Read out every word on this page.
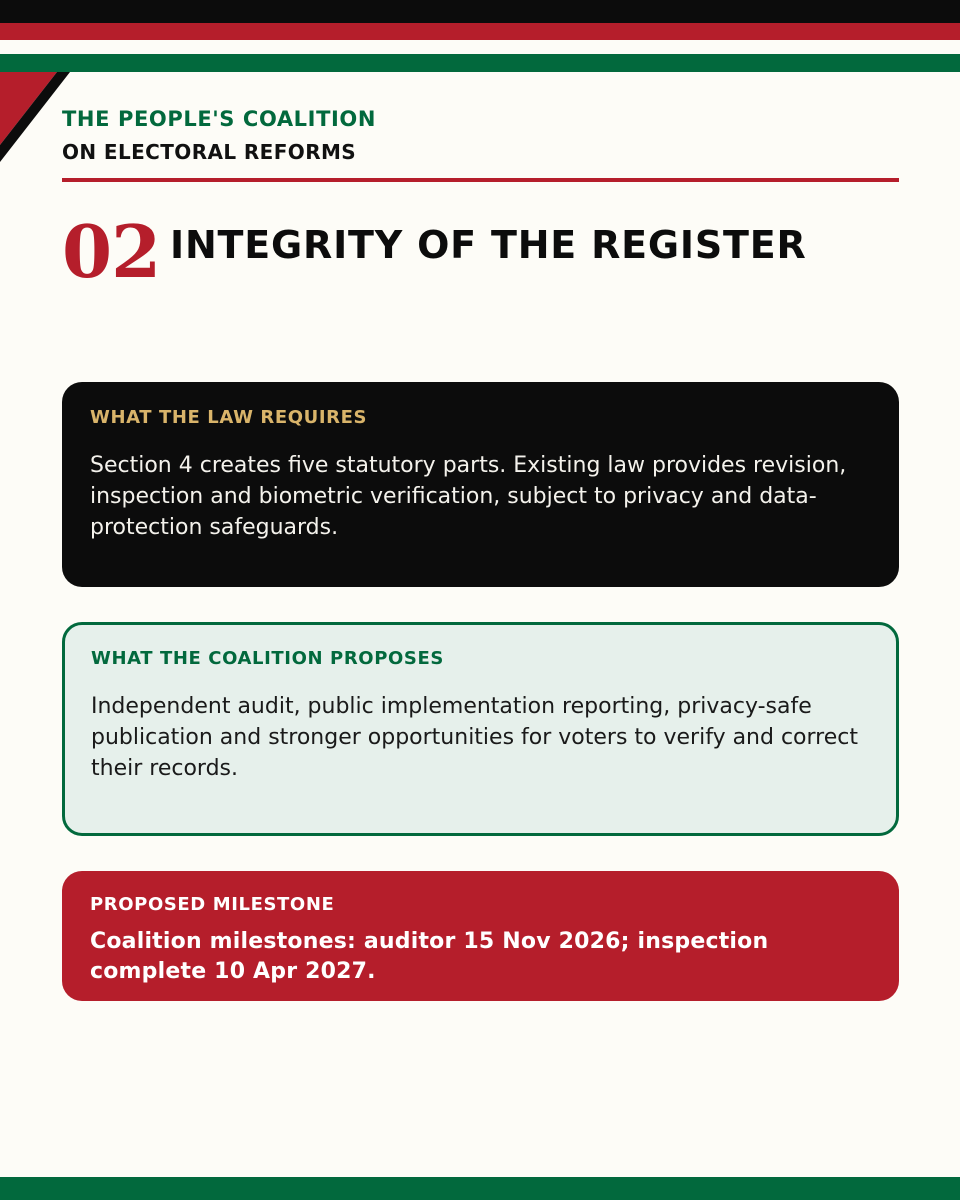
THE PEOPLE'S COALITION
ON ELECTORAL REFORMS
02 INTEGRITY OF THE REGISTER
WHAT THE LAW REQUIRES
Section 4 creates five statutory parts. Existing law provides revision, inspection and biometric verification, subject to privacy and data-protection safeguards.
WHAT THE COALITION PROPOSES
Independent audit, public implementation reporting, privacy-safe publication and stronger opportunities for voters to verify and correct their records.
PROPOSED MILESTONE
Coalition milestones: auditor 15 Nov 2026; inspection complete 10 Apr 2027.
